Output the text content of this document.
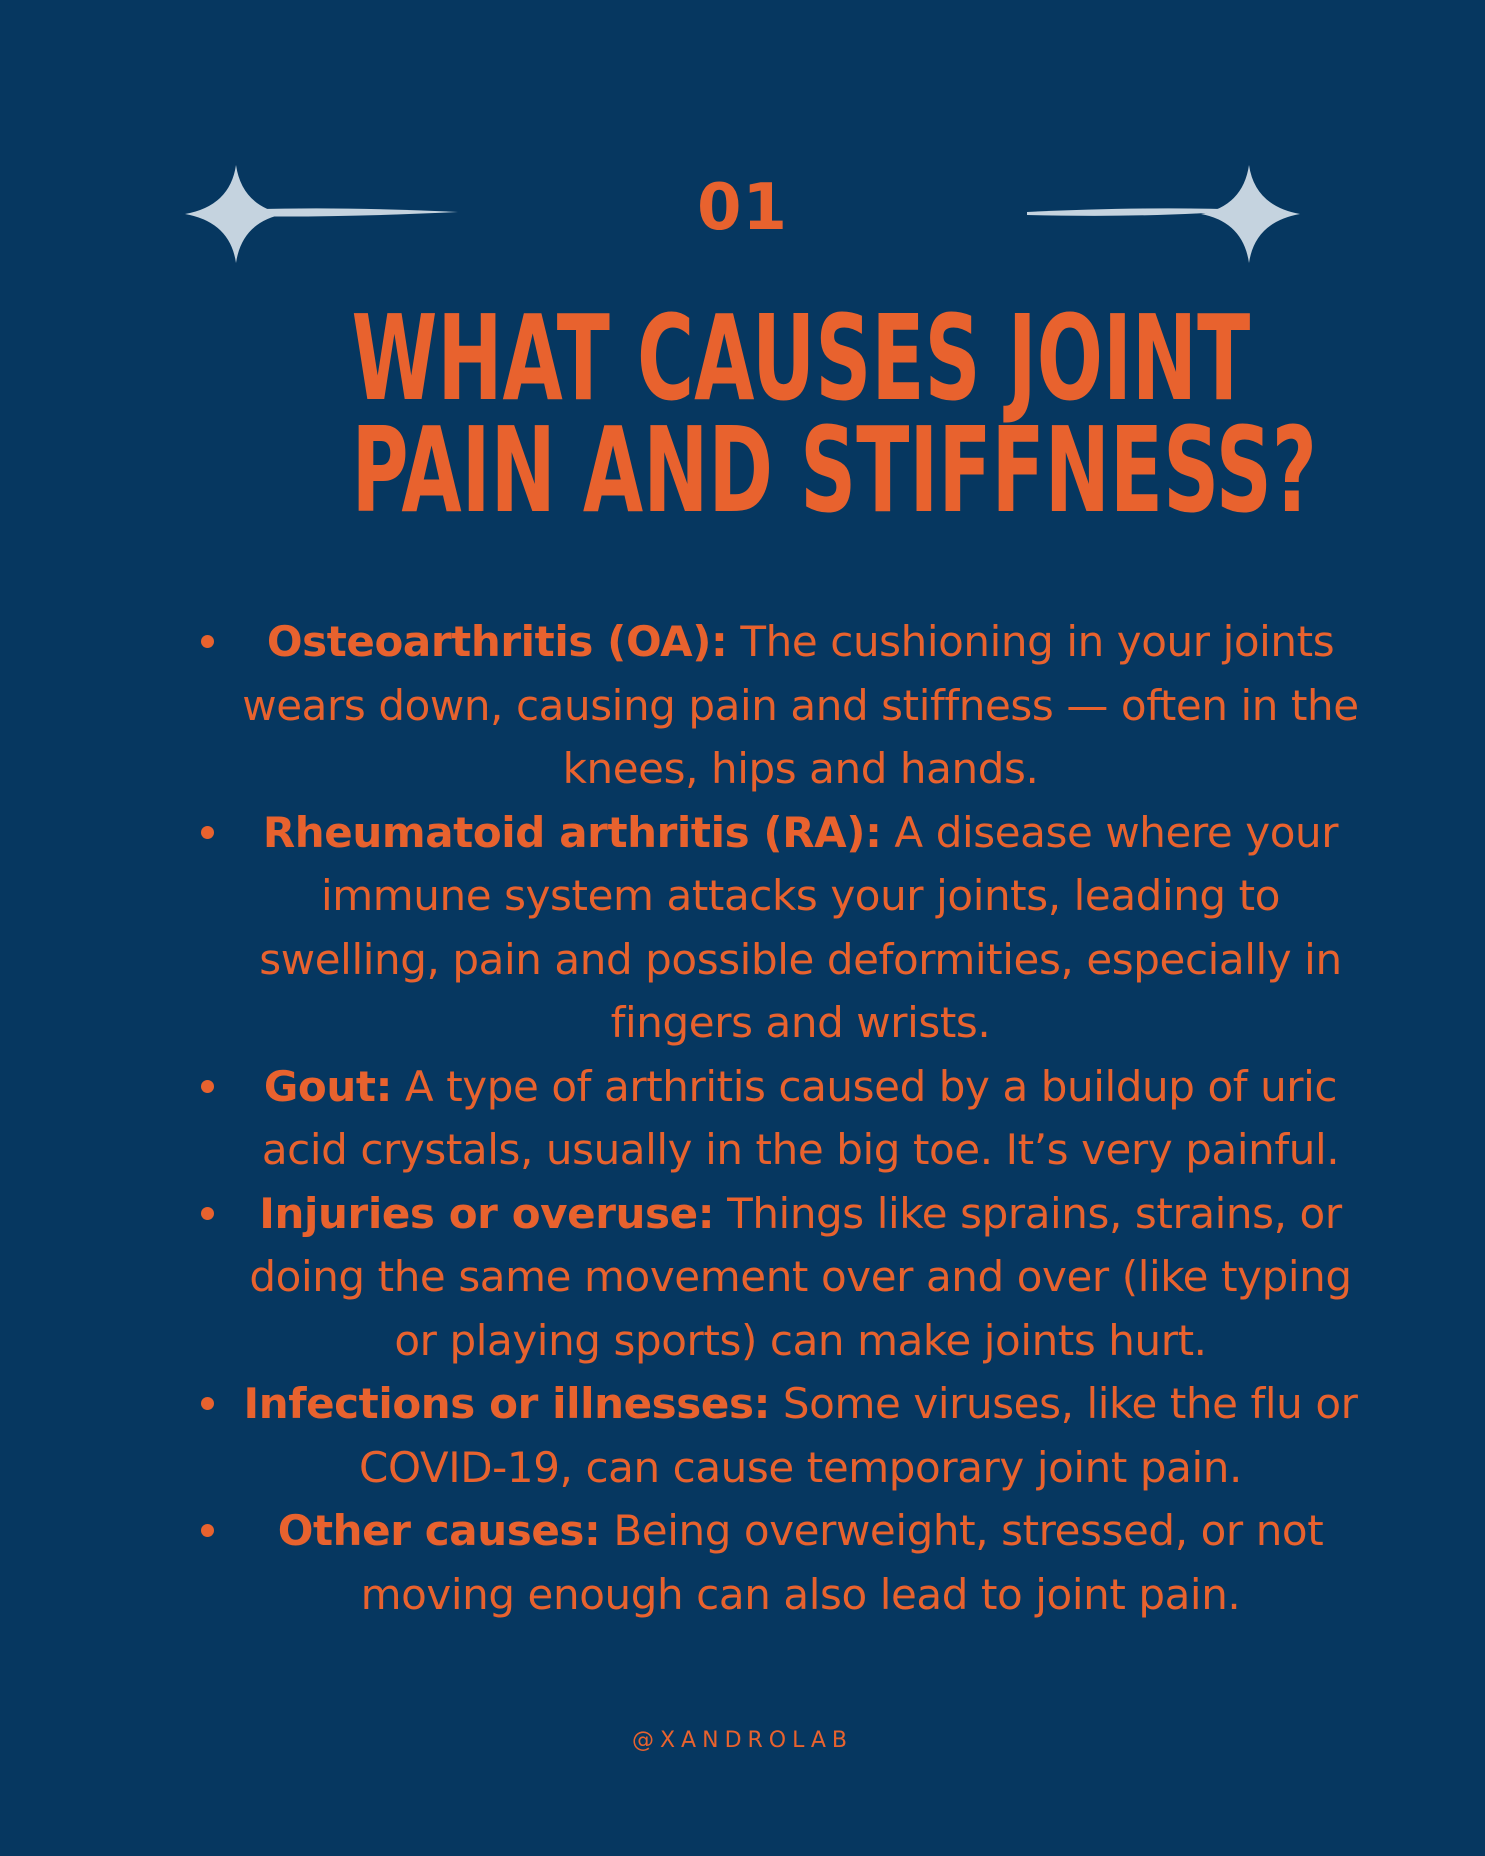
01
WHAT CAUSES JOINT
PAIN AND STIFFNESS?
Osteoarthritis (OA): The cushioning in your joints wears down, causing pain and stiffness — often in the knees, hips and hands.
Rheumatoid arthritis (RA): A disease where your immune system attacks your joints, leading to swelling, pain and possible deformities, especially in fingers and wrists.
Gout: A type of arthritis caused by a buildup of uric acid crystals, usually in the big toe. It’s very painful.
Injuries or overuse: Things like sprains, strains, or doing the same movement over and over (like typing or playing sports) can make joints hurt.
Infections or illnesses: Some viruses, like the flu or COVID-19, can cause temporary joint pain.
Other causes: Being overweight, stressed, or not moving enough can also lead to joint pain.
@XANDROLAB
